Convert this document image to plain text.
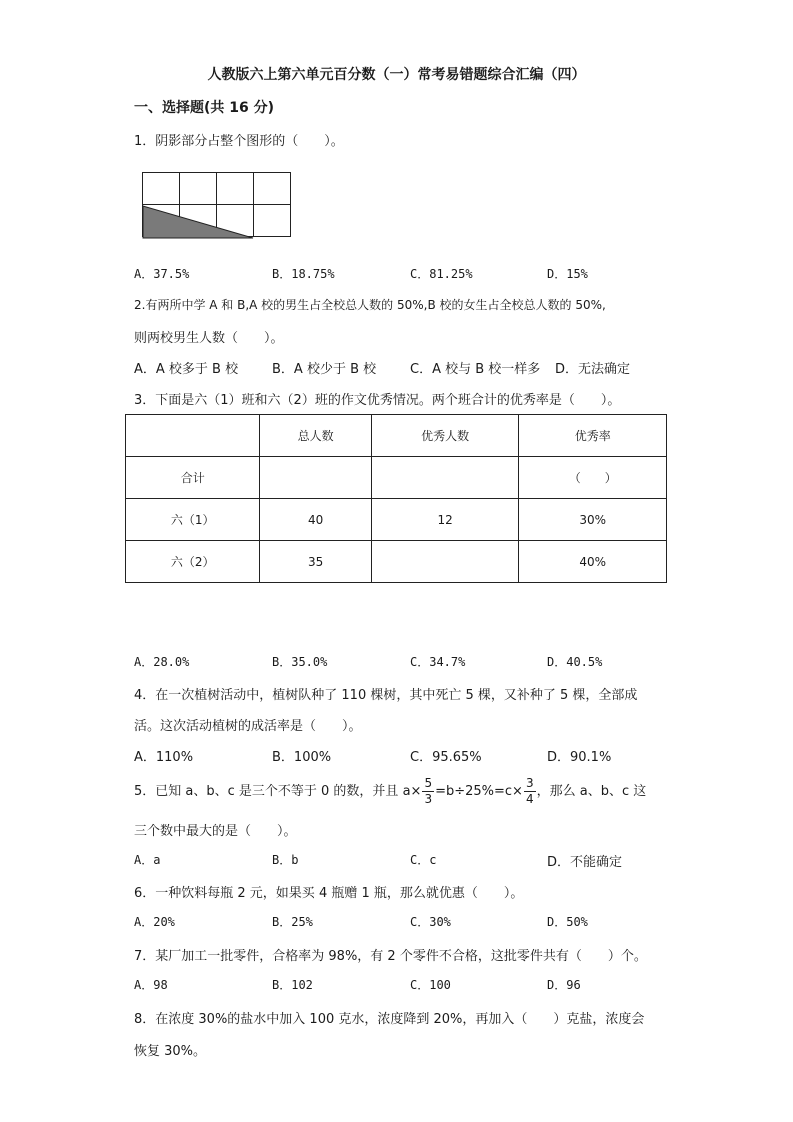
人教版六上第六单元百分数（一）常考易错题综合汇编（四）
一、选择题(共 16 分)
1．阴影部分占整个图形的（　　）。

A．37.5%	B．18.75%	C．81.25%	D．15%
2.有两所中学 A 和 B,A 校的男生占全校总人数的 50%,B 校的女生占全校总人数的 50%,
则两校男生人数（　　）。
A．A 校多于 B 校	B．A 校少于 B 校	C．A 校与 B 校一样多 D．无法确定
3．下面是六（1）班和六（2）班的作文优秀情况。两个班合计的优秀率是（　　）。
	总人数	优秀人数	优秀率
合计			（　　）
六（1）	40	12	30%
六（2）	35		40%
A．28.0%	B．35.0%	C．34.7%	D．40.5%
4．在一次植树活动中，植树队种了 110 棵树，其中死亡 5 棵，又补种了 5 棵，全部成
活。这次活动植树的成活率是（　　）。
A．110%	B．100%	C．95.65%	D．90.1%
5．已知 a、b、c 是三个不等于 0 的数，并且 $a\times \frac{5}{3} =b\div 25\%=c\times \frac{3}{4}$ ，那么 a、b、c 这
三个数中最大的是（　　）。
A．a	B．b	C．c	D．不能确定
6．一种饮料每瓶 2 元，如果买 4 瓶赠 1 瓶，那么就优惠（　　）。
A．20%	B．25%	C．30%	D．50%
7．某厂加工一批零件，合格率为 98%，有 2 个零件不合格，这批零件共有（　　）个。
A．98	B．102	C．100	D．96
8．在浓度 30%的盐水中加入 100 克水，浓度降到 20%，再加入（　　）克盐，浓度会
恢复 30%。
